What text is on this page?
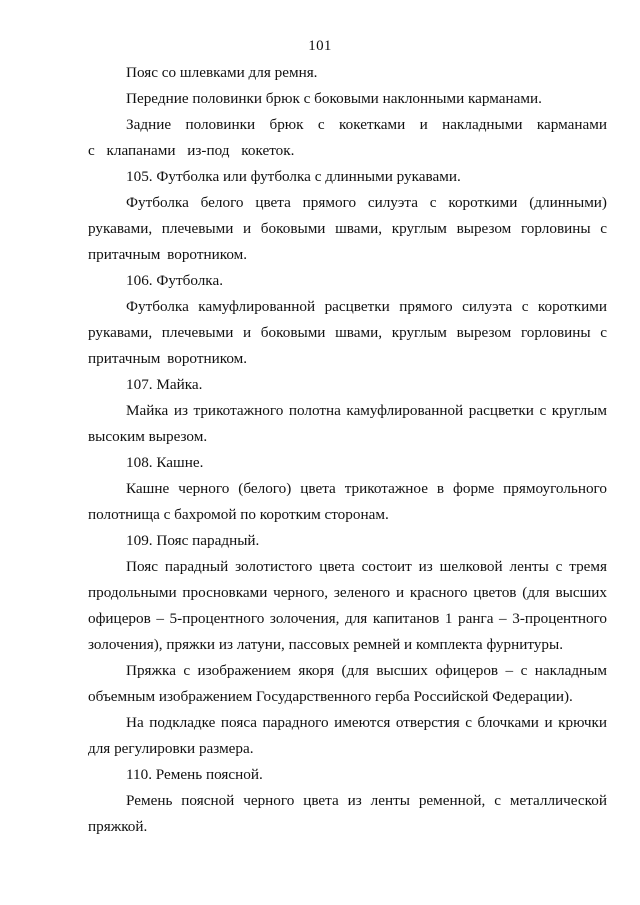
101

Пояс со шлевками для ремня.

Передние половинки брюк с боковыми наклонными карманами.

Задние половинки брюк с кокетками и накладными карманами с клапанами из-под кокеток.

105. Футболка или футболка с длинными рукавами.

Футболка белого цвета прямого силуэта с короткими (длинными) рукавами, плечевыми и боковыми швами, круглым вырезом горловины с притачным воротником.

106. Футболка.

Футболка камуфлированной расцветки прямого силуэта с короткими рукавами, плечевыми и боковыми швами, круглым вырезом горловины с притачным воротником.

107. Майка.

Майка из трикотажного полотна камуфлированной расцветки с круглым высоким вырезом.

108. Кашне.

Кашне черного (белого) цвета трикотажное в форме прямоугольного полотнища с бахромой по коротким сторонам.

109. Пояс парадный.

Пояс парадный золотистого цвета состоит из шелковой ленты с тремя продольными просновками черного, зеленого и красного цветов (для высших офицеров – 5-процентного золочения, для капитанов 1 ранга – 3-процентного золочения), пряжки из латуни, пассовых ремней и комплекта фурнитуры.

Пряжка с изображением якоря (для высших офицеров – с накладным объемным изображением Государственного герба Российской Федерации).

На подкладке пояса парадного имеются отверстия с блочками и крючки для регулировки размера.

110. Ремень поясной.

Ремень поясной черного цвета из ленты ременной, с металлической пряжкой.
